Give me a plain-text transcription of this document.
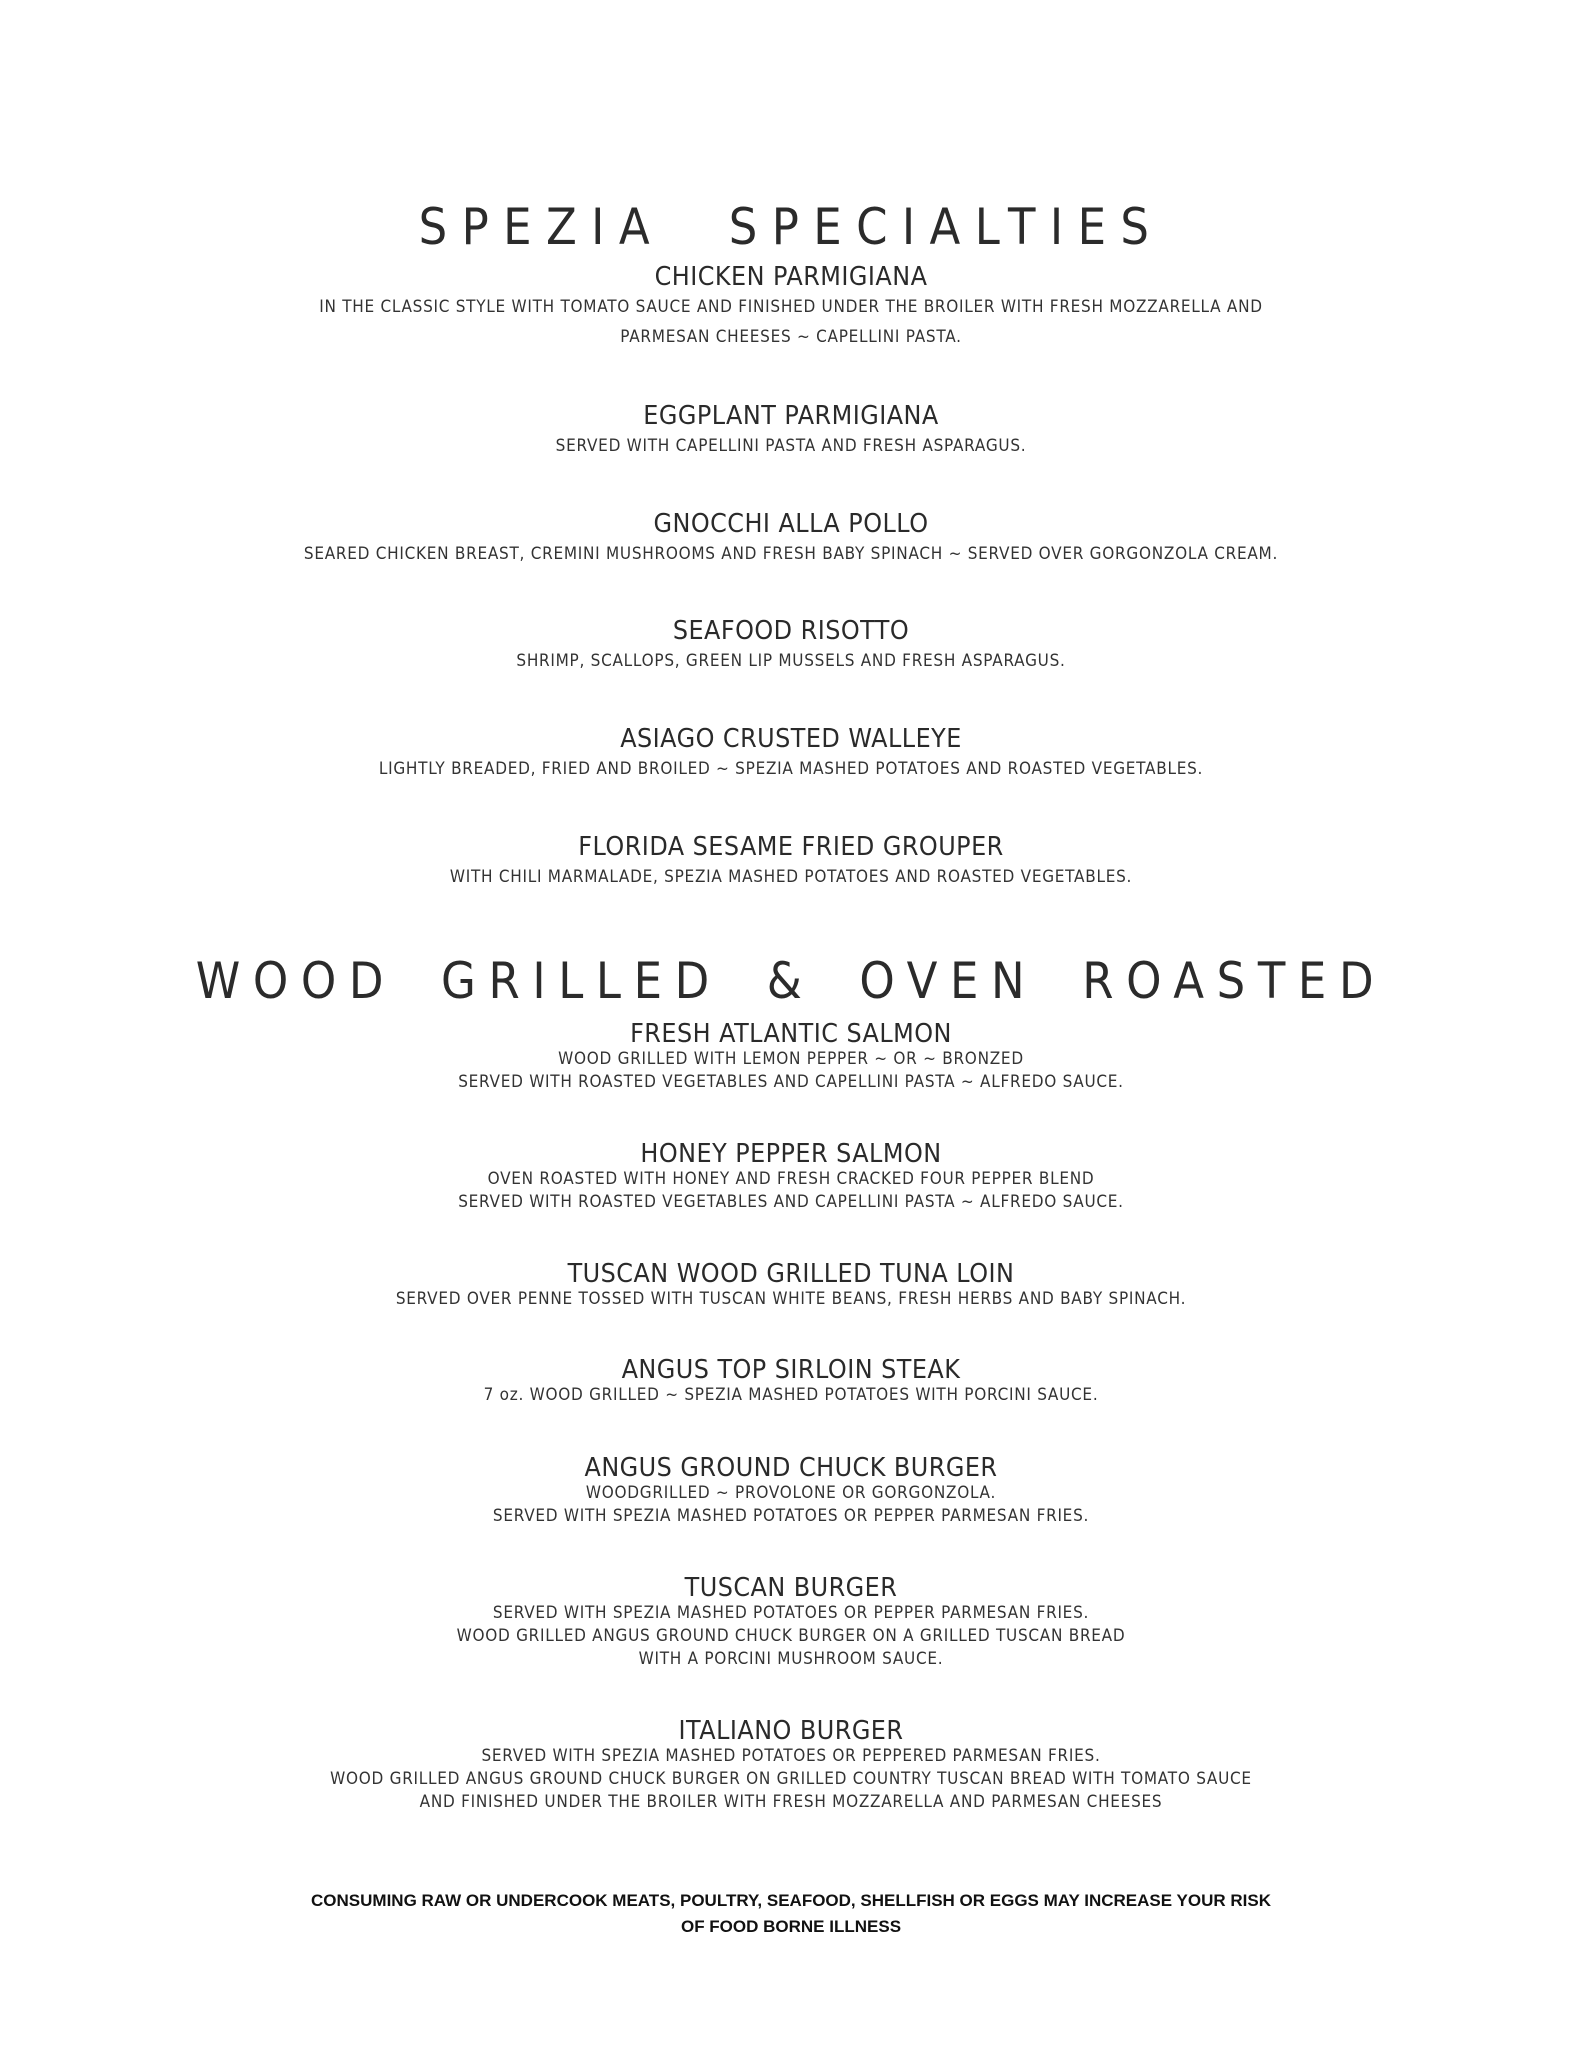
SPEZIA SPECIALTIES
CHICKEN PARMIGIANA
IN THE CLASSIC STYLE WITH TOMATO SAUCE AND FINISHED UNDER THE BROILER WITH FRESH MOZZARELLA AND
PARMESAN CHEESES ~ CAPELLINI PASTA.
EGGPLANT PARMIGIANA
SERVED WITH CAPELLINI PASTA AND FRESH ASPARAGUS.
GNOCCHI ALLA POLLO
SEARED CHICKEN BREAST, CREMINI MUSHROOMS AND FRESH BABY SPINACH ~ SERVED OVER GORGONZOLA CREAM.
SEAFOOD RISOTTO
SHRIMP, SCALLOPS, GREEN LIP MUSSELS AND FRESH ASPARAGUS.
ASIAGO CRUSTED WALLEYE
LIGHTLY BREADED, FRIED AND BROILED ~ SPEZIA MASHED POTATOES AND ROASTED VEGETABLES.
FLORIDA SESAME FRIED GROUPER
WITH CHILI MARMALADE, SPEZIA MASHED POTATOES AND ROASTED VEGETABLES.
WOOD GRILLED & OVEN ROASTED
FRESH ATLANTIC SALMON
WOOD GRILLED WITH LEMON PEPPER ~ OR ~ BRONZED
SERVED WITH ROASTED VEGETABLES AND CAPELLINI PASTA ~ ALFREDO SAUCE.
HONEY PEPPER SALMON
OVEN ROASTED WITH HONEY AND FRESH CRACKED FOUR PEPPER BLEND
SERVED WITH ROASTED VEGETABLES AND CAPELLINI PASTA ~ ALFREDO SAUCE.
TUSCAN WOOD GRILLED TUNA LOIN
SERVED OVER PENNE TOSSED WITH TUSCAN WHITE BEANS, FRESH HERBS AND BABY SPINACH.
ANGUS TOP SIRLOIN STEAK
7 oz. WOOD GRILLED ~ SPEZIA MASHED POTATOES WITH PORCINI SAUCE.
ANGUS GROUND CHUCK BURGER
WOODGRILLED ~ PROVOLONE OR GORGONZOLA.
SERVED WITH SPEZIA MASHED POTATOES OR PEPPER PARMESAN FRIES.
TUSCAN BURGER
SERVED WITH SPEZIA MASHED POTATOES OR PEPPER PARMESAN FRIES.
WOOD GRILLED ANGUS GROUND CHUCK BURGER ON A GRILLED TUSCAN BREAD
WITH A PORCINI MUSHROOM SAUCE.
ITALIANO BURGER
SERVED WITH SPEZIA MASHED POTATOES OR PEPPERED PARMESAN FRIES.
WOOD GRILLED ANGUS GROUND CHUCK BURGER ON GRILLED COUNTRY TUSCAN BREAD WITH TOMATO SAUCE
AND FINISHED UNDER THE BROILER WITH FRESH MOZZARELLA AND PARMESAN CHEESES
CONSUMING RAW OR UNDERCOOK MEATS, POULTRY, SEAFOOD, SHELLFISH OR EGGS MAY INCREASE YOUR RISK
OF FOOD BORNE ILLNESS
